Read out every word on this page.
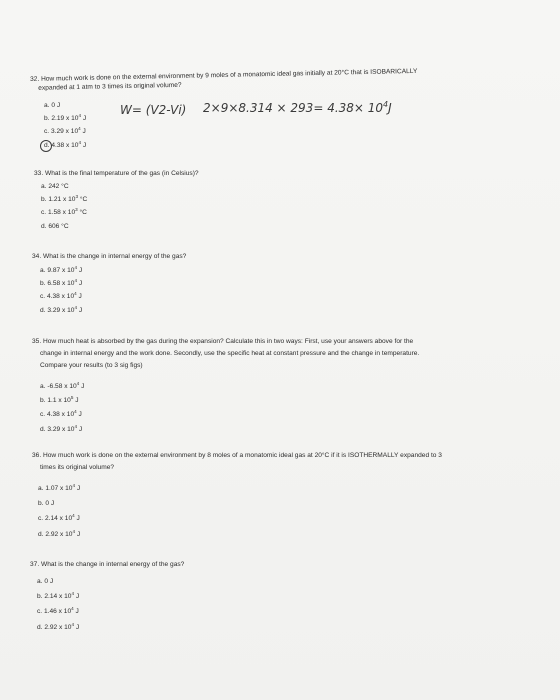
32. How much work is done on the external environment by 9 moles of a monatomic ideal gas initially at 20°C that is ISOBARICALLY
expanded at 1 atm to 3 times its original volume?
a. 0 J
b. 2.19 x $10^4$ J
c. 3.29 x $10^4$ J
d. 4.38 x $10^4$ J
W= (V2-Vi) $2\times 9\times 8.314 \times 293= 4.38\times 10^4J$
33. What is the final temperature of the gas (in Celsius)?
a. 242 °C
b. 1.21 x $10^3$ °C
c. 1.58 x $10^3$ °C
d. 606 °C
34. What is the change in internal energy of the gas?
a. 9.87 x $10^4$ J
b. 6.58 x $10^4$ J
c. 4.38 x $10^4$ J
d. 3.29 x $10^4$ J
35. How much heat is absorbed by the gas during the expansion? Calculate this in two ways: First, use your answers above for the
change in internal energy and the work done. Secondly, use the specific heat at constant pressure and the change in temperature.
Compare your results (to 3 sig figs)
a. -6.58 x $10^4$ J
b. 1.1 x $10^5$ J
c. 4.38 x $10^4$ J
d. 3.29 x $10^4$ J
36. How much work is done on the external environment by 8 moles of a monatomic ideal gas at 20°C if it is ISOTHERMALLY expanded to 3
times its original volume?
a. 1.07 x $10^4$ J
b. 0 J
c. 2.14 x $10^4$ J
d. 2.92 x $10^4$ J
37. What is the change in internal energy of the gas?
a. 0 J
b. 2.14 x $10^4$ J
c. 1.46 x $10^4$ J
d. 2.92 x $10^4$ J
